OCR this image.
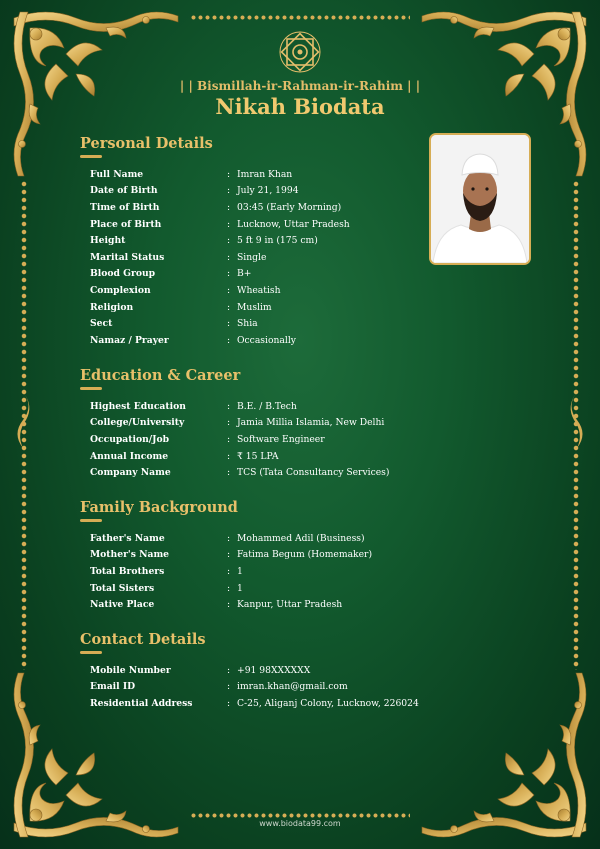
| | Bismillah-ir-Rahman-ir-Rahim | |
Nikah Biodata
Personal Details
Full Name	: Imran Khan
Date of Birth	: July 21, 1994
Time of Birth	: 03:45 (Early Morning)
Place of Birth	: Lucknow, Uttar Pradesh
Height	: 5 ft 9 in (175 cm)
Marital Status	: Single
Blood Group	: B+
Complexion	: Wheatish
Religion	: Muslim
Sect	: Shia
Namaz / Prayer	: Occasionally
Education & Career
Highest Education	: B.E. / B.Tech
College/University	: Jamia Millia Islamia, New Delhi
Occupation/Job	: Software Engineer
Annual Income	: ₹ 15 LPA
Company Name	: TCS (Tata Consultancy Services)
Family Background
Father's Name	: Mohammed Adil (Business)
Mother's Name	: Fatima Begum (Homemaker)
Total Brothers	: 1
Total Sisters	: 1
Native Place	: Kanpur, Uttar Pradesh
Contact Details
Mobile Number	: +91 98XXXXXX
Email ID	: imran.khan@gmail.com
Residential Address	: C-25, Aliganj Colony, Lucknow, 226024
www.biodata99.com
